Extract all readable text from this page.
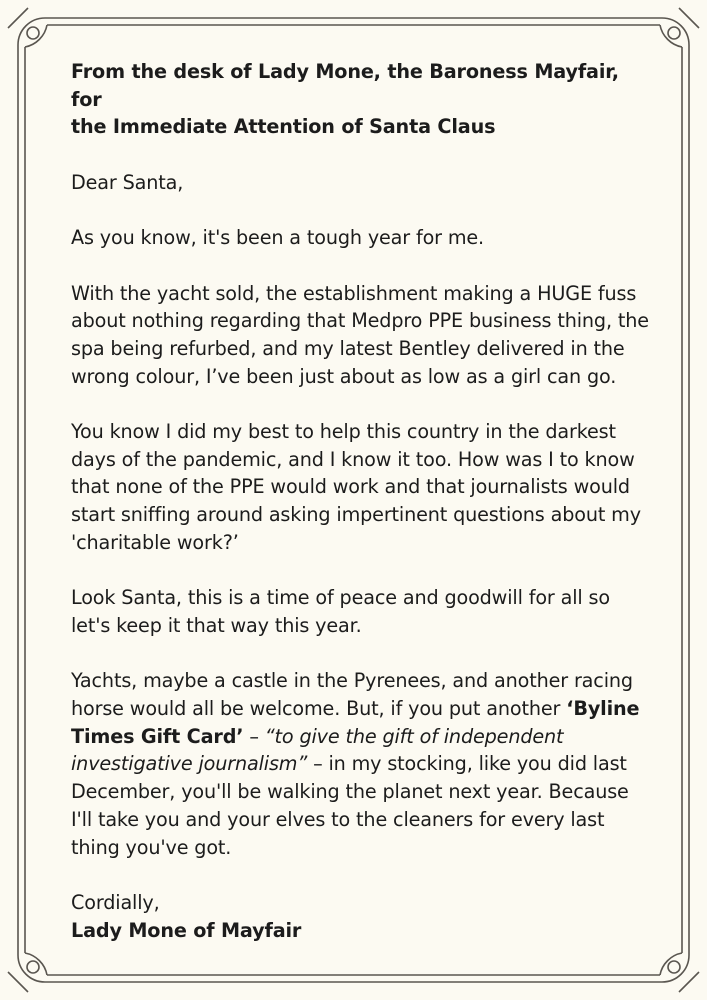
From the desk of Lady Mone, the Baroness Mayfair, for
the Immediate Attention of Santa Claus

Dear Santa,

As you know, it's been a tough year for me.

With the yacht sold, the establishment making a HUGE fuss about nothing regarding that Medpro PPE business thing, the spa being refurbed, and my latest Bentley delivered in the wrong colour, I’ve been just about as low as a girl can go.

You know I did my best to help this country in the darkest days of the pandemic, and I know it too. How was I to know that none of the PPE would work and that journalists would start sniffing around asking impertinent questions about my 'charitable work?’

Look Santa, this is a time of peace and goodwill for all so let's keep it that way this year.

Yachts, maybe a castle in the Pyrenees, and another racing horse would all be welcome. But, if you put another ‘Byline Times Gift Card’ – “to give the gift of independent investigative journalism” – in my stocking, like you did last December, you'll be walking the planet next year. Because I'll take you and your elves to the cleaners for every last thing you've got.

Cordially,
Lady Mone of Mayfair
